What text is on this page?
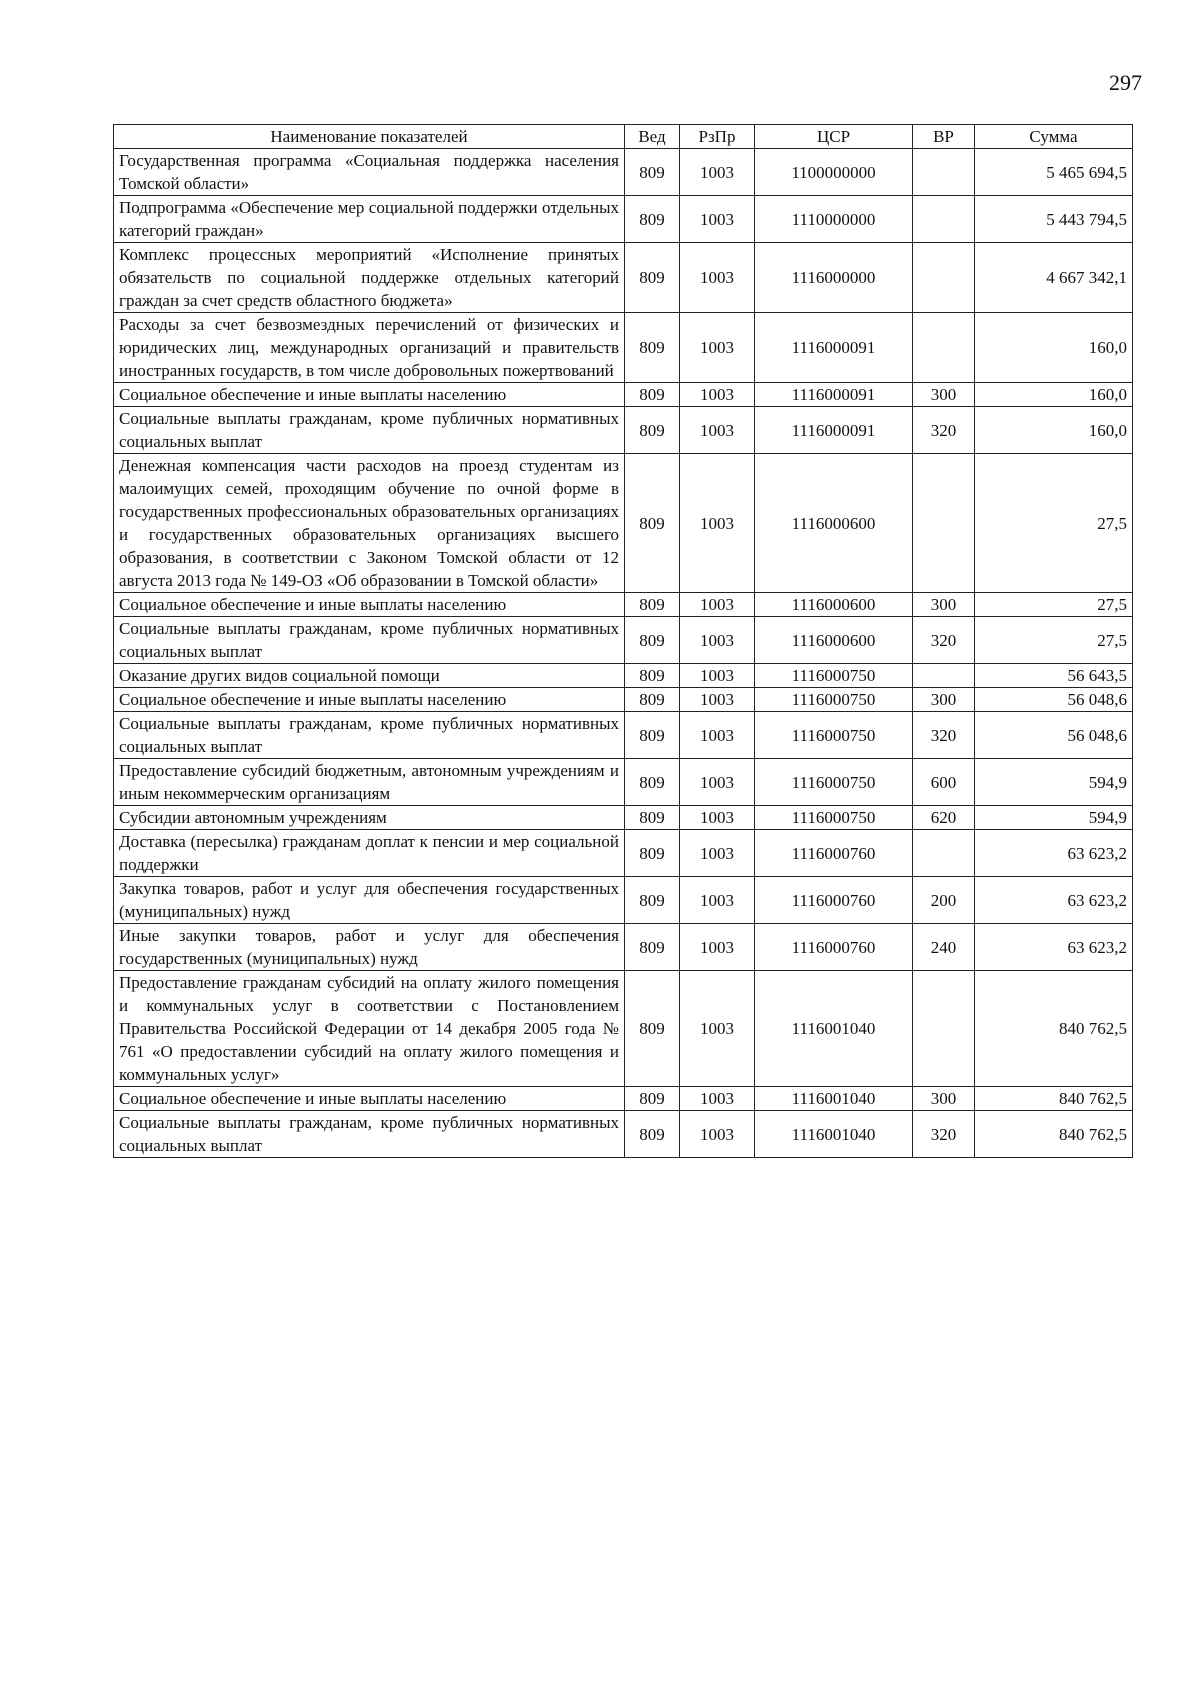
297
Наименование показателей	Вед	РзПр	ЦСР	ВР	Сумма
Государственная программа «Социальная поддержка населения Томской области»	809	1003	1100000000		5 465 694,5
Подпрограмма «Обеспечение мер социальной поддержки отдельных категорий граждан»	809	1003	1110000000		5 443 794,5
Комплекс процессных мероприятий «Исполнение принятых обязательств по социальной поддержке отдельных категорий граждан за счет средств областного бюджета»	809	1003	1116000000		4 667 342,1
Расходы за счет безвозмездных перечислений от физических и юридических лиц, международных организаций и правительств иностранных государств, в том числе добровольных пожертвований	809	1003	1116000091		160,0
Социальное обеспечение и иные выплаты населению	809	1003	1116000091	300	160,0
Социальные выплаты гражданам, кроме публичных нормативных социальных выплат	809	1003	1116000091	320	160,0
Денежная компенсация части расходов на проезд студентам из малоимущих семей, проходящим обучение по очной форме в государственных профессиональных образовательных организациях и государственных образовательных организациях высшего образования, в соответствии с Законом Томской области от 12 августа 2013 года № 149-ОЗ «Об образовании в Томской области»	809	1003	1116000600		27,5
Социальное обеспечение и иные выплаты населению	809	1003	1116000600	300	27,5
Социальные выплаты гражданам, кроме публичных нормативных социальных выплат	809	1003	1116000600	320	27,5
Оказание других видов социальной помощи	809	1003	1116000750		56 643,5
Социальное обеспечение и иные выплаты населению	809	1003	1116000750	300	56 048,6
Социальные выплаты гражданам, кроме публичных нормативных социальных выплат	809	1003	1116000750	320	56 048,6
Предоставление субсидий бюджетным, автономным учреждениям и иным некоммерческим организациям	809	1003	1116000750	600	594,9
Субсидии автономным учреждениям	809	1003	1116000750	620	594,9
Доставка (пересылка) гражданам доплат к пенсии и мер социальной поддержки	809	1003	1116000760		63 623,2
Закупка товаров, работ и услуг для обеспечения государственных (муниципальных) нужд	809	1003	1116000760	200	63 623,2
Иные закупки товаров, работ и услуг для обеспечения государственных (муниципальных) нужд	809	1003	1116000760	240	63 623,2
Предоставление гражданам субсидий на оплату жилого помещения и коммунальных услуг в соответствии с Постановлением Правительства Российской Федерации от 14 декабря 2005 года № 761 «О предоставлении субсидий на оплату жилого помещения и коммунальных услуг»	809	1003	1116001040		840 762,5
Социальное обеспечение и иные выплаты населению	809	1003	1116001040	300	840 762,5
Социальные выплаты гражданам, кроме публичных нормативных социальных выплат	809	1003	1116001040	320	840 762,5
